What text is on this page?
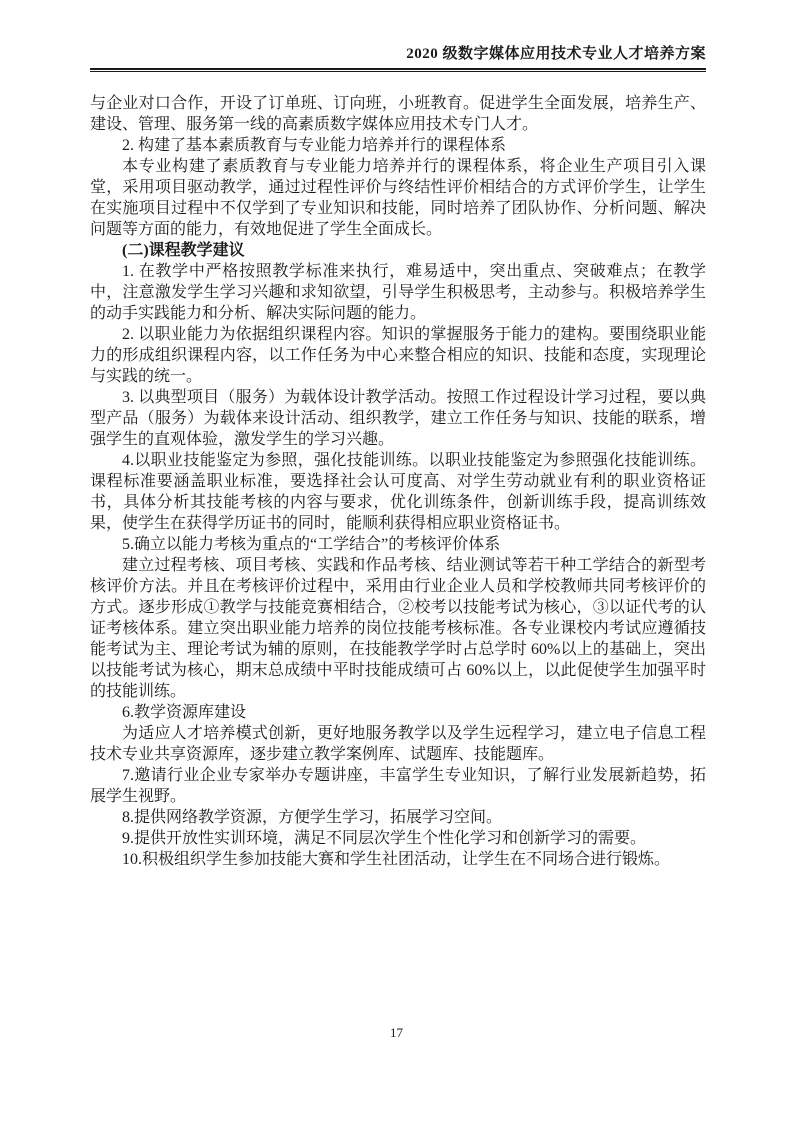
2020 级数字媒体应用技术专业人才培养方案

与企业对口合作，开设了订单班、订向班，小班教育。促进学生全面发展，培养生产、建设、管理、服务第一线的高素质数字媒体应用技术专门人才。

2. 构建了基本素质教育与专业能力培养并行的课程体系

本专业构建了素质教育与专业能力培养并行的课程体系，将企业生产项目引入课堂，采用项目驱动教学，通过过程性评价与终结性评价相结合的方式评价学生，让学生在实施项目过程中不仅学到了专业知识和技能，同时培养了团队协作、分析问题、解决问题等方面的能力，有效地促进了学生全面成长。

(二)课程教学建议

1. 在教学中严格按照教学标准来执行，难易适中，突出重点、突破难点；在教学中，注意激发学生学习兴趣和求知欲望，引导学生积极思考，主动参与。积极培养学生的动手实践能力和分析、解决实际问题的能力。

2. 以职业能力为依据组织课程内容。知识的掌握服务于能力的建构。要围绕职业能力的形成组织课程内容，以工作任务为中心来整合相应的知识、技能和态度，实现理论与实践的统一。

3. 以典型项目（服务）为载体设计教学活动。按照工作过程设计学习过程，要以典型产品（服务）为载体来设计活动、组织教学，建立工作任务与知识、技能的联系，增强学生的直观体验，激发学生的学习兴趣。

4.以职业技能鉴定为参照，强化技能训练。以职业技能鉴定为参照强化技能训练。课程标准要涵盖职业标准，要选择社会认可度高、对学生劳动就业有利的职业资格证书，具体分析其技能考核的内容与要求，优化训练条件，创新训练手段，提高训练效果，使学生在获得学历证书的同时，能顺利获得相应职业资格证书。

5.确立以能力考核为重点的“工学结合”的考核评价体系

建立过程考核、项目考核、实践和作品考核、结业测试等若干种工学结合的新型考核评价方法。并且在考核评价过程中，采用由行业企业人员和学校教师共同考核评价的方式。逐步形成①教学与技能竞赛相结合，②校考以技能考试为核心，③以证代考的认证考核体系。建立突出职业能力培养的岗位技能考核标准。各专业课校内考试应遵循技能考试为主、理论考试为辅的原则，在技能教学学时占总学时 60%以上的基础上，突出以技能考试为核心，期末总成绩中平时技能成绩可占 60%以上，以此促使学生加强平时的技能训练。

6.教学资源库建设

为适应人才培养模式创新，更好地服务教学以及学生远程学习，建立电子信息工程技术专业共享资源库，逐步建立教学案例库、试题库、技能题库。

7.邀请行业企业专家举办专题讲座，丰富学生专业知识，了解行业发展新趋势，拓展学生视野。

8.提供网络教学资源，方便学生学习，拓展学习空间。

9.提供开放性实训环境，满足不同层次学生个性化学习和创新学习的需要。

10.积极组织学生参加技能大赛和学生社团活动，让学生在不同场合进行锻炼。

17
